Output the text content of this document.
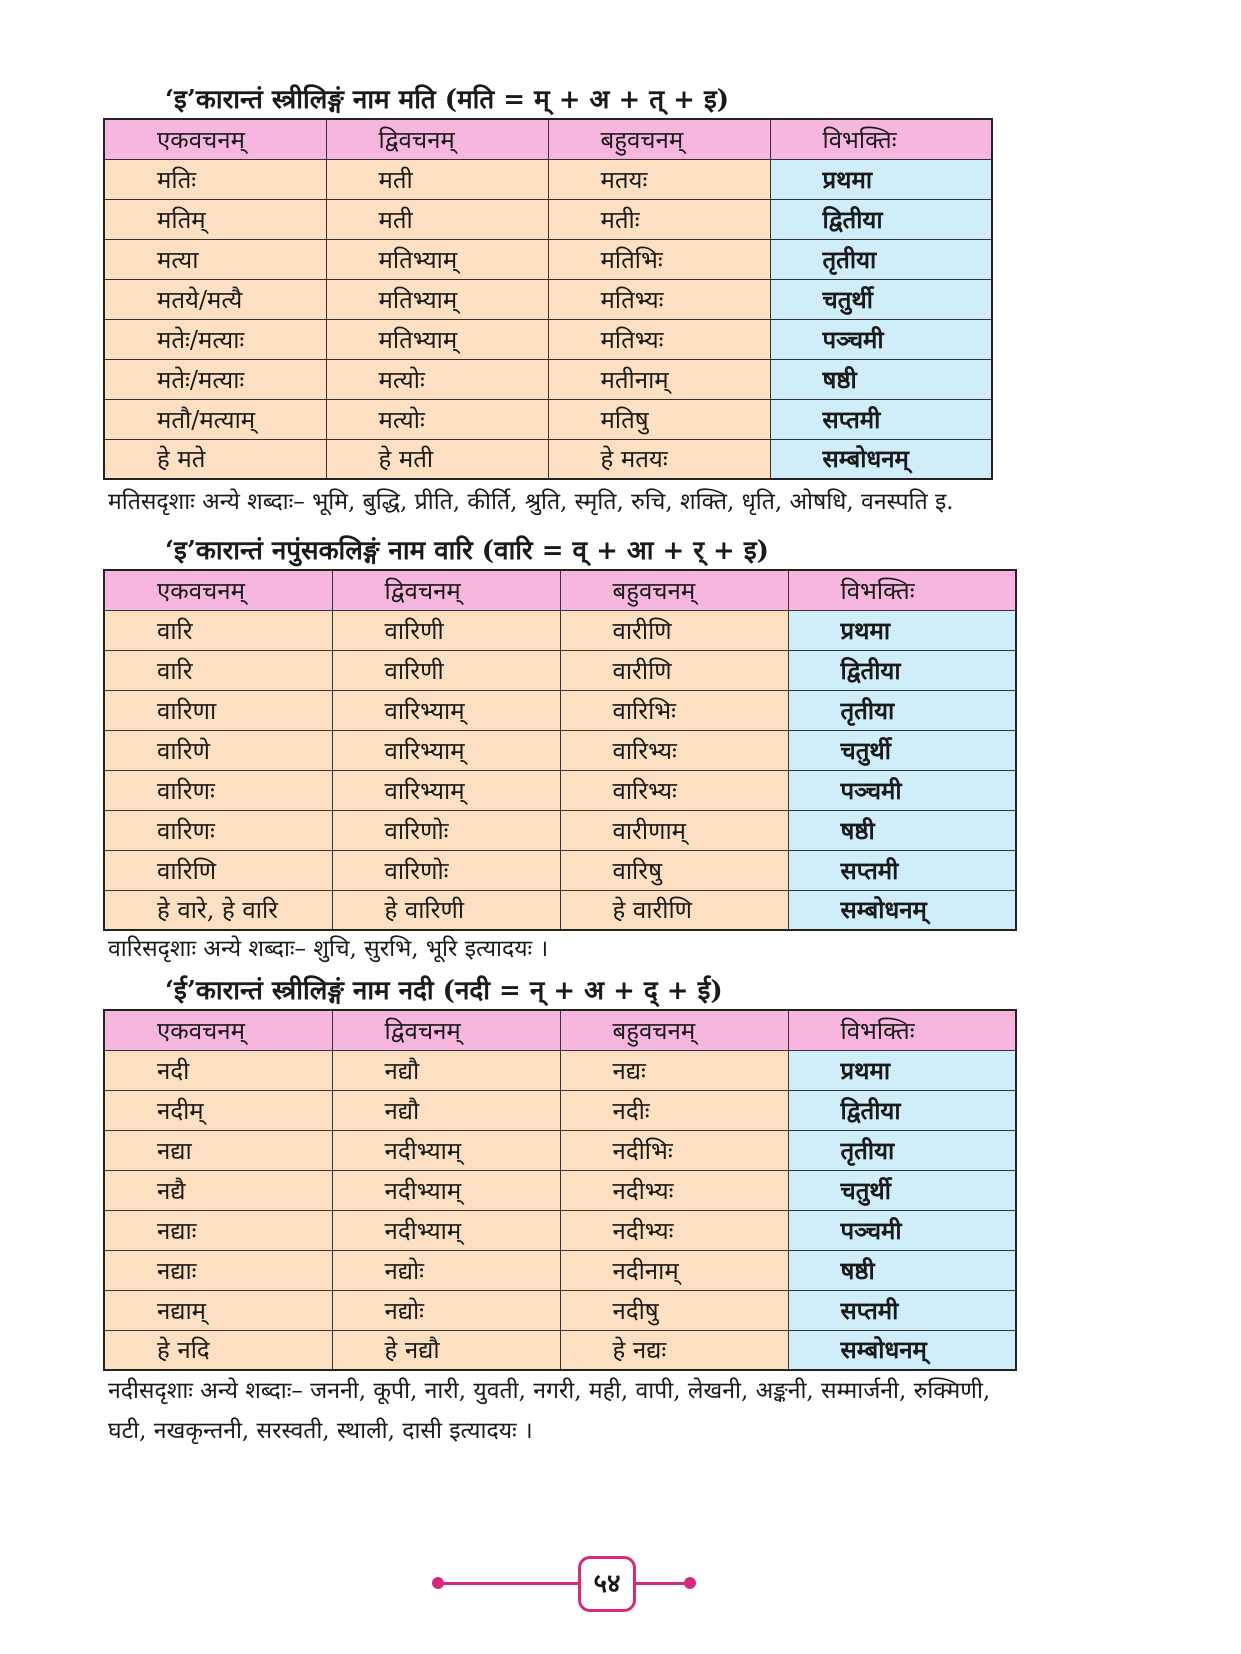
‘इ’कारान्तं स्त्रीलिङ्गं नाम मति (मति = म् + अ + त् + इ)
एकवचनम्	द्विवचनम्	बहुवचनम्	विभक्तिः
मतिः	मती	मतयः	प्रथमा
मतिम्	मती	मतीः	द्वितीया
मत्या	मतिभ्याम्	मतिभिः	तृतीया
मतये/मत्यै	मतिभ्याम्	मतिभ्यः	चतुर्थी
मतेः/मत्याः	मतिभ्याम्	मतिभ्यः	पञ्चमी
मतेः/मत्याः	मत्योः	मतीनाम्	षष्ठी
मतौ/मत्याम्	मत्योः	मतिषु	सप्तमी
हे मते	हे मती	हे मतयः	सम्बोधनम्
मतिसदृशाः अन्ये शब्दाः– भूमि, बुद्धि, प्रीति, कीर्ति, श्रुति, स्मृति, रुचि, शक्ति, धृति, ओषधि, वनस्पति इ.
‘इ’कारान्तं नपुंसकलिङ्गं नाम वारि (वारि = व् + आ + र् + इ)
एकवचनम्	द्विवचनम्	बहुवचनम्	विभक्तिः
वारि	वारिणी	वारीणि	प्रथमा
वारि	वारिणी	वारीणि	द्वितीया
वारिणा	वारिभ्याम्	वारिभिः	तृतीया
वारिणे	वारिभ्याम्	वारिभ्यः	चतुर्थी
वारिणः	वारिभ्याम्	वारिभ्यः	पञ्चमी
वारिणः	वारिणोः	वारीणाम्	षष्ठी
वारिणि	वारिणोः	वारिषु	सप्तमी
हे वारे, हे वारि	हे वारिणी	हे वारीणि	सम्बोधनम्
वारिसदृशाः अन्ये शब्दाः– शुचि, सुरभि, भूरि इत्यादयः ।
‘ई’कारान्तं स्त्रीलिङ्गं नाम नदी (नदी = न् + अ + द् + ई)
एकवचनम्	द्विवचनम्	बहुवचनम्	विभक्तिः
नदी	नद्यौ	नद्यः	प्रथमा
नदीम्	नद्यौ	नदीः	द्वितीया
नद्या	नदीभ्याम्	नदीभिः	तृतीया
नद्यै	नदीभ्याम्	नदीभ्यः	चतुर्थी
नद्याः	नदीभ्याम्	नदीभ्यः	पञ्चमी
नद्याः	नद्योः	नदीनाम्	षष्ठी
नद्याम्	नद्योः	नदीषु	सप्तमी
हे नदि	हे नद्यौ	हे नद्यः	सम्बोधनम्
नदीसदृशाः अन्ये शब्दाः– जननी, कूपी, नारी, युवती, नगरी, मही, वापी, लेखनी, अङ्कनी, सम्मार्जनी, रुक्मिणी,
घटी, नखकृन्तनी, सरस्वती, स्थाली, दासी इत्यादयः ।
५४
